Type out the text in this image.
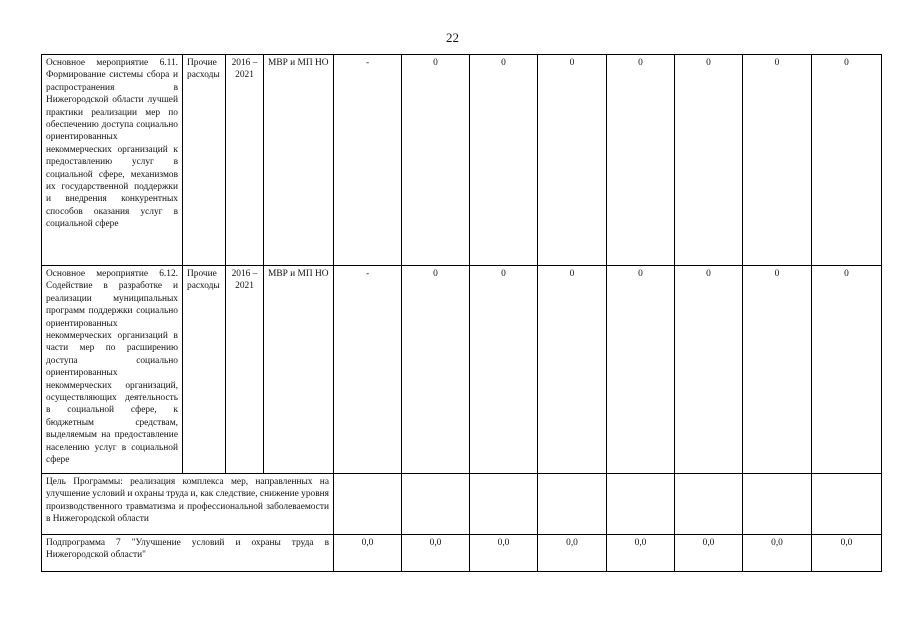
22
Основное мероприятие 6.11. Формирование системы сбора и распространения в Нижегородской области лучшей практики реализации мер по обеспечению доступа социально ориентированных некоммерческих организаций к предоставлению услуг в социальной сфере, механизмов их государственной поддержки и внедрения конкурентных способов оказания услуг в социальной сфере	Прочие расходы	2016 – 2021	МВР и МП НО	-	0	0	0	0	0	0	0
Основное мероприятие 6.12. Содействие в разработке и реализации муниципальных программ поддержки социально ориентированных некоммерческих организаций в части мер по расширению доступа социально ориентированных некоммерческих организаций, осуществляющих деятельность в социальной сфере, к бюджетным средствам, выделяемым на предоставление населению услуг в социальной сфере	Прочие расходы	2016 – 2021	МВР и МП НО	-	0	0	0	0	0	0	0
Цель Программы: реализация комплекса мер, направленных на улучшение условий и охраны труда и, как следствие, снижение уровня производственного травматизма и профессиональной заболеваемости в Нижегородской области											
Подпрограмма 7 "Улучшение условий и охраны труда в Нижегородской области"				0,0	0,0	0,0	0,0	0,0	0,0	0,0	0,0
